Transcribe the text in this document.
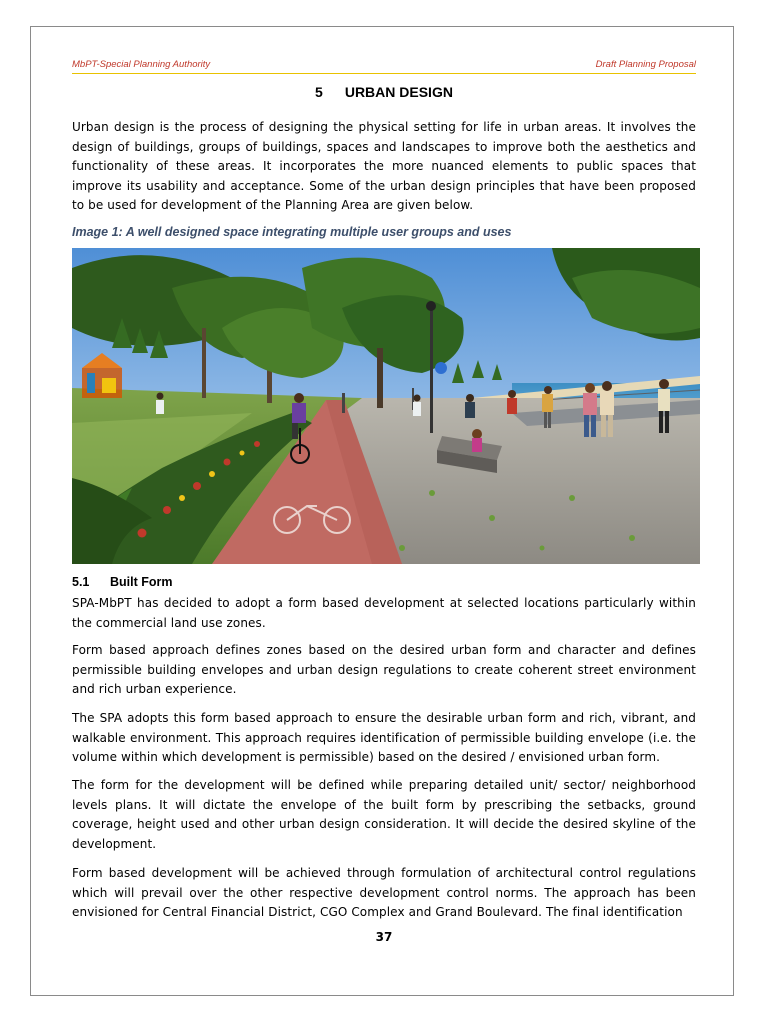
MbPT-Special Planning Authority	Draft Planning Proposal
5 URBAN DESIGN

Urban design is the process of designing the physical setting for life in urban areas. It involves the design of buildings, groups of buildings, spaces and landscapes to improve both the aesthetics and functionality of these areas. It incorporates the more nuanced elements to public spaces that improve its usability and acceptance. Some of the urban design principles that have been proposed to be used for development of the Planning Area are given below.

Image 1: A well designed space integrating multiple user groups and uses
5.1 Built Form

SPA-MbPT has decided to adopt a form based development at selected locations particularly within the commercial land use zones.

Form based approach defines zones based on the desired urban form and character and defines permissible building envelopes and urban design regulations to create coherent street environment and rich urban experience.

The SPA adopts this form based approach to ensure the desirable urban form and rich, vibrant, and walkable environment. This approach requires identification of permissible building envelope (i.e. the volume within which development is permissible) based on the desired / envisioned urban form.

The form for the development will be defined while preparing detailed unit/ sector/ neighborhood levels plans. It will dictate the envelope of the built form by prescribing the setbacks, ground coverage, height used and other urban design consideration. It will decide the desired skyline of the development.

Form based development will be achieved through formulation of architectural control regulations which will prevail over the other respective development control norms. The approach has been envisioned for Central Financial District, CGO Complex and Grand Boulevard. The final identification

37
